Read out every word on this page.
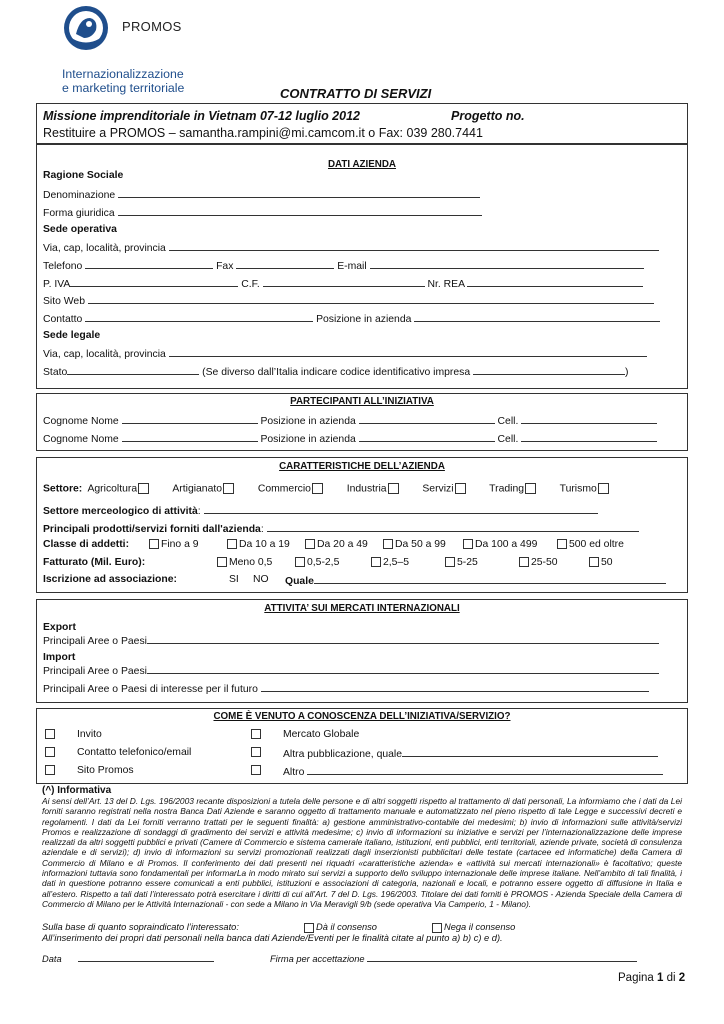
PROMOS
Internazionalizzazione
e marketing territoriale	CONTRATTO DI SERVIZI
Missione imprenditoriale in Vietnam 07-12 luglio 2012	Progetto no.
Restituire a PROMOS – samantha.rampini@mi.camcom.it o Fax: 039 280.7441
DATI AZIENDA
Ragione Sociale
Denominazione
Forma giuridica
Sede operativa
Via, cap, località, provincia
Telefono	Fax	E-mail
P. IVA	C.F.	Nr. REA
Sito Web
Contatto	Posizione in azienda
Sede legale
Via, cap, località, provincia
Stato	(Se diverso dall’Italia indicare codice identificativo impresa	)
PARTECIPANTI ALL’INIZIATIVA
Cognome Nome	Posizione in azienda	Cell.
Cognome Nome	Posizione in azienda	Cell.
CARATTERISTICHE DELL’AZIENDA
Settore: Agricoltura	Artigianato	Commercio	Industria	Servizi	Trading	Turismo
Settore merceologico di attività:
Principali prodotti/servizi forniti dall'azienda:
Classe di addetti:	Fino a 9	Da 10 a 19	Da 20 a 49	Da 50 a 99	Da 100 a 499	500 ed oltre
Fatturato (Mil. Euro):	Meno 0,5	0,5-2,5	2,5–5	5-25	25-50	50
Iscrizione ad associazione:	SI NO Quale
ATTIVITA’ SUI MERCATI INTERNAZIONALI
Export
Principali Aree o Paesi
Import
Principali Aree o Paesi
Principali Aree o Paesi di interesse per il futuro
COME È VENUTO A CONOSCENZA DELL’INIZIATIVA/SERVIZIO?
Invito
Contatto telefonico/email
Sito Promos
Mercato Globale
Altra pubblicazione, quale
Altro
(^) Informativa
Ai sensi dell’Art. 13 del D. Lgs. 196/2003 recante disposizioni a tutela delle persone e di altri soggetti rispetto al trattamento di dati personali, La informiamo che i dati da Lei forniti saranno registrati nella nostra Banca Dati Aziende e saranno oggetto di trattamento manuale e automatizzato nel pieno rispetto di tale Legge e successivi decreti e regolamenti. I dati da Lei forniti verranno trattati per le seguenti finalità: a) gestione amministrativo-contabile dei medesimi; b) invio di informazioni sulle attività/servizi Promos e realizzazione di sondaggi di gradimento dei servizi e attività medesime; c) invio di informazioni su iniziative e servizi per l’internazionalizzazione delle imprese realizzati da altri soggetti pubblici e privati (Camere di Commercio e sistema camerale italiano, istituzioni, enti pubblici, enti territoriali, aziende private, società di consulenza aziendale e di servizi); d) invio di informazioni su servizi promozionali realizzati dagli inserzionisti pubblicitari delle testate (cartacee ed informatiche) della Camera di Commercio di Milano e di Promos. Il conferimento dei dati presenti nei riquadri «caratteristiche azienda» e «attività sui mercati internazionali» è facoltativo; queste informazioni tuttavia sono fondamentali per informarLa in modo mirato sui servizi a supporto dello sviluppo internazionale delle imprese italiane. Nell’ambito di tali finalità, i dati in questione potranno essere comunicati a enti pubblici, istituzioni e associazioni di categoria, nazionali e locali, e potranno essere oggetto di diffusione in Italia e all’estero. Rispetto a tali dati l’interessato potrà esercitare i diritti di cui all’Art. 7 del D. Lgs. 196/2003. Titolare dei dati forniti è PROMOS - Azienda Speciale della Camera di Commercio di Milano per le Attività Internazionali - con sede a Milano in Via Meravigli 9/b (sede operativa Via Camperio, 1 - Milano).
Sulla base di quanto sopraindicato l’interessato:	Dà il consenso	Nega il consenso
All’inserimento dei propri dati personali nella banca dati Aziende/Eventi per le finalità citate al punto a) b) c) e d).
Data	Firma per accettazione
Pagina 1 di 2
